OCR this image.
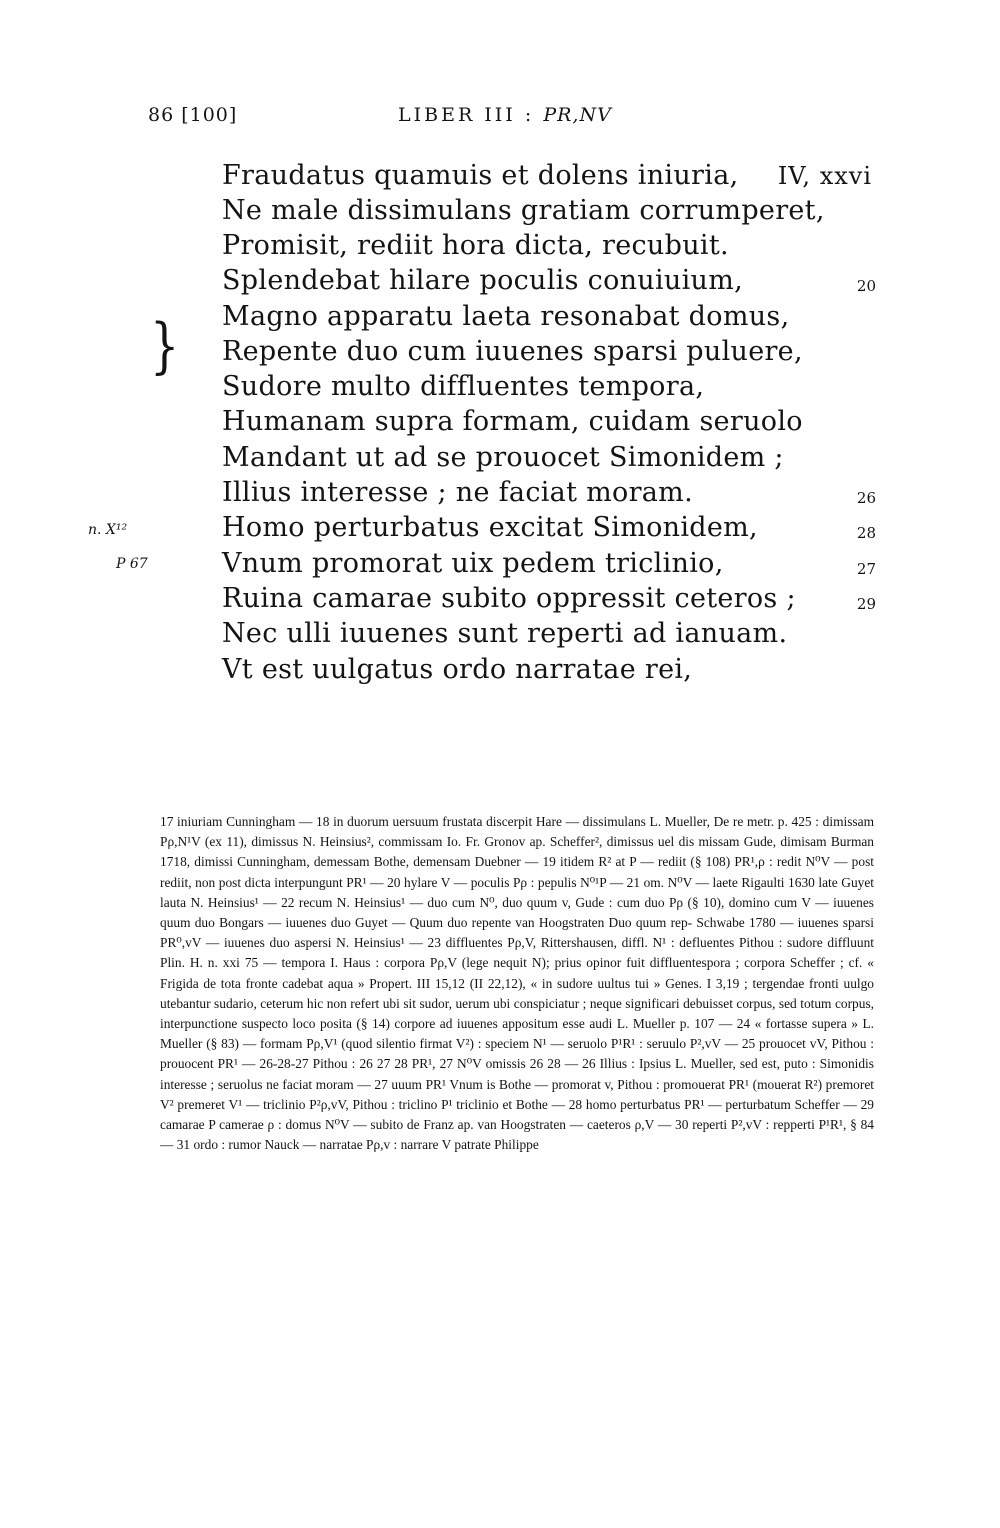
86 [100]	LIBER III : PR,NV
Fraudatus quamuis et dolens iniuria, IV, xxvi
Ne male dissimulans gratiam corrumperet,
Promisit, rediit hora dicta, recubuit.
Splendebat hilare poculis conuiuium,	20
Magno apparatu laeta resonabat domus,
Repente duo cum iuuenes sparsi puluere,
Sudore multo diffluentes tempora,
Humanam supra formam, cuidam seruolo
Mandant ut ad se prouocet Simonidem ;
Illius interesse ; ne faciat moram.	26
n. X¹²	Homo perturbatus excitat Simonidem,	28
P 67	Vnum promorat uix pedem triclinio,	27
Ruina camarae subito oppressit ceteros ;	29
Nec ulli iuuenes sunt reperti ad ianuam.
Vt est uulgatus ordo narratae rei,
}

17 iniuriam Cunningham — 18 in duorum uersuum frustata discerpit Hare — dissimulans L. Mueller, De re metr. p. 425 : dimissam Pρ,N¹V (ex 11), dimissus N. Heinsius², commissam Io. Fr. Gronov ap. Scheffer², dimissus uel dis missam Gude, dimisam Burman 1718, dimissi Cunningham, demessam Bothe, demensam Duebner — 19 itidem R² at P — rediit (§ 108) PR¹,ρ : redit N⁰V — post rediit, non post dicta interpungunt PR¹ — 20 hylare V — poculis Pρ : pepulis N⁰¹P — 21 om. N⁰V — laete Rigaulti 1630 late Guyet lauta N. Heinsius¹ — 22 recum N. Heinsius¹ — duo cum N⁰, duo quum v, Gude : cum duo Pρ (§ 10), domino cum V — iuuenes quum duo Bongars — iuuenes duo Guyet — Quum duo repente van Hoogstraten Duo quum rep- Schwabe 1780 — iuuenes sparsi PR⁰,vV — iuuenes duo aspersi N. Heinsius¹ — 23 diffluentes Pρ,V, Rittershausen, diffl. N¹ : defluentes Pithou : sudore diffluunt Plin. H. n. xxi 75 — tempora I. Haus : corpora Pρ,V (lege nequit N); prius opinor fuit diffluentespora ; corpora Scheffer ; cf. « Frigida de tota fronte cadebat aqua » Propert. III 15,12 (II 22,12), « in sudore uultus tui » Genes. I 3,19 ; tergendae fronti uulgo utebantur sudario, ceterum hic non refert ubi sit sudor, uerum ubi conspiciatur ; neque significari debuisset corpus, sed totum corpus, interpunctione suspecto loco posita (§ 14) corpore ad iuuenes appositum esse audi L. Mueller p. 107 — 24 « fortasse supera » L. Mueller (§ 83) — formam Pρ,V¹ (quod silentio firmat V²) : speciem N¹ — seruolo P¹R¹ : seruulo P²,vV — 25 prouocet vV, Pithou : prouocent PR¹ — 26-28-27 Pithou : 26 27 28 PR¹, 27 N⁰V omissis 26 28 — 26 Illius : Ipsius L. Mueller, sed est, puto : Simonidis interesse ; seruolus ne faciat moram — 27 uuum PR¹ Vnum is Bothe — promorat v, Pithou : promouerat PR¹ (mouerat R²) premoret V² premeret V¹ — triclinio P²ρ,vV, Pithou : triclino P¹ triclinio et Bothe — 28 homo perturbatus PR¹ — perturbatum Scheffer — 29 camarae P camerae ρ : domus N⁰V — subito de Franz ap. van Hoogstraten — caeteros ρ,V — 30 reperti P²,vV : repperti P¹R¹, § 84 — 31 ordo : rumor Nauck — narratae Pρ,v : narrare V patrate Philippe
